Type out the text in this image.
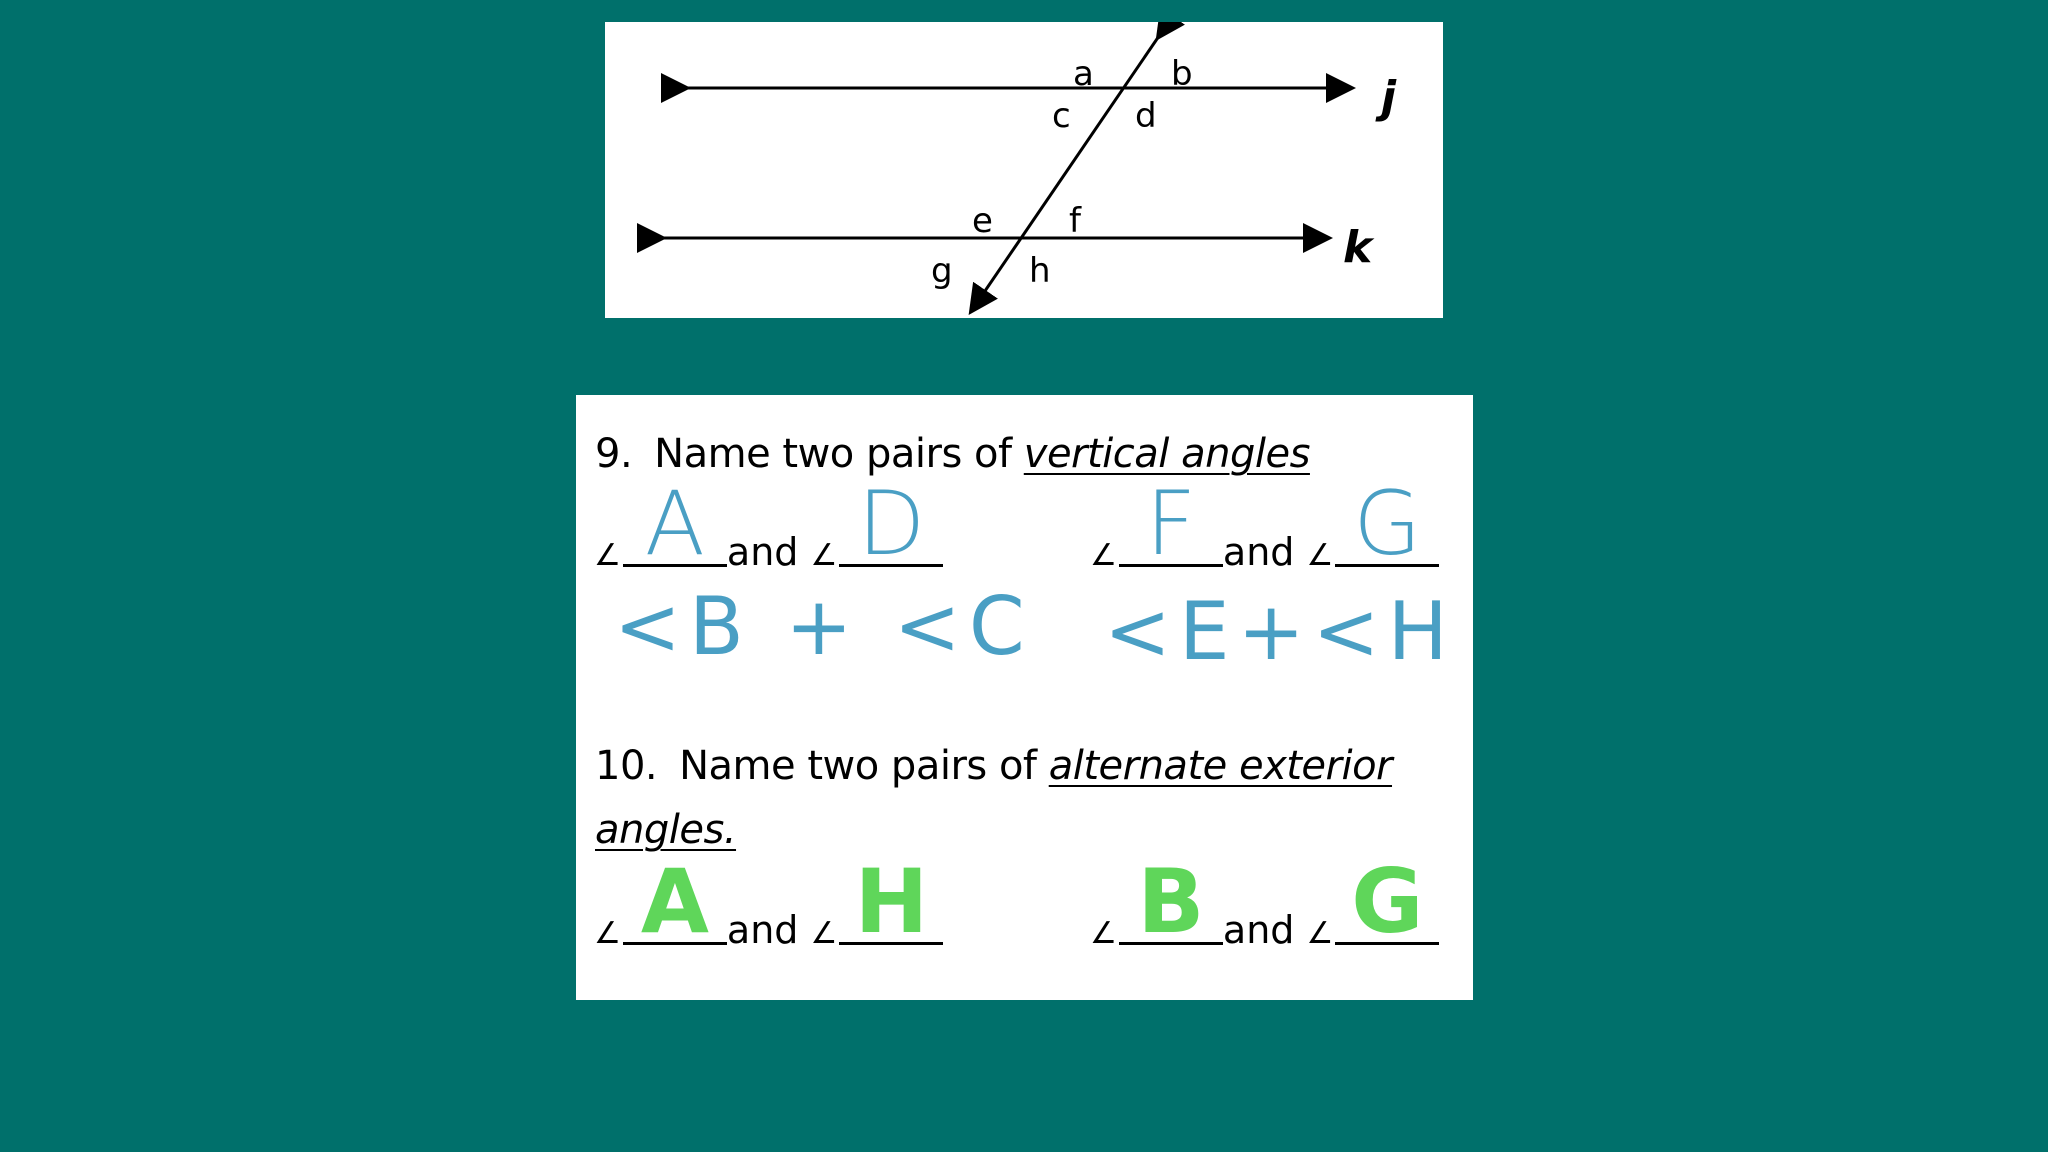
a b
c d
e f
g h
j
k
9. Name two pairs of vertical angles
∠ A and ∠ D	∠ F and ∠ G
<B + <C <E+<H
10. Name two pairs of alternate exterior
angles.
∠ A and ∠ H	∠ B and ∠ G
